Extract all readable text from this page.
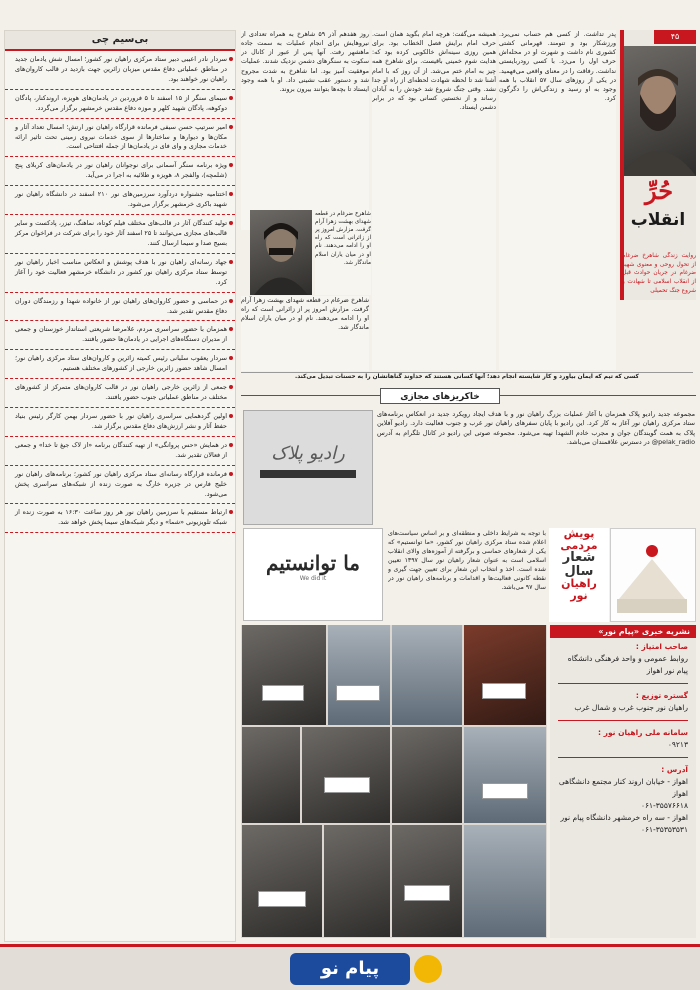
بی‌سیم چی
سردار نادر اعیبی دبیر ستاد مرکزی راهیان نور کشور؛ امسال شش یادمان جدید در مناطق عملیاتی دفاع مقدس میزبان زائرین جهت بازدید در قالب کاروان‌های راهیان نور خواهند بود.
سیمای سنگر از ۱۵ اسفند تا ۵ فروردین در یادمان‌های هویزه، اروندکنار، پادگان دوکوهه، پادگان شهید کلهر و موزه دفاع مقدس خرمشهر برگزار می‌گردد.
امیر سرتیپ حسن سیفی فرمانده قرارگاه راهیان نور ارتش؛ امسال تعداد آثار و مکان‌ها و دیوارها و ساختارها از سوی خدمات نیروی زمینی تحت تاثیر ارائه خدمات مجازی و وای فای در یادمان‌ها از جمله افتتاحی است.
ویژه برنامه سنگر آسمانی برای نوجوانان راهیان نور در یادمان‌های کربلای پنج (شلمچه)، والفجر ۸، هویزه و طلائیه به اجرا در می‌آید.
اختتامیه جشنواره دردآورد سرزمین‌های نور ۲۱۰ اسفند در دانشگاه راهیان نور شهید باکری خرمشهر برگزار می‌شود.
تولید کنندگان آثار در قالب‌های مختلف فیلم کوتاه، نماهنگ، تیزر، پادکست و سایر قالب‌های مجازی می‌توانند تا ۲۵ اسفند آثار خود را برای شرکت در فراخوان مرکز بسیج صدا و سیما ارسال کنند.
جهاد رسانه‌ای راهیان نور با هدف پوشش و انعکاس مناسب اخبار راهیان نور توسط ستاد مرکزی راهیان نور کشور در دانشگاه خرمشهر فعالیت خود را آغاز کرد.
در حماسی و حضور کاروان‌های راهیان نور از خانواده شهدا و رزمندگان دوران دفاع مقدس تقدیر شد.
همزمان با حضور سراسری مردم، غلامرضا شریعتی استاندار خوزستان و جمعی از مدیران دستگاه‌های اجرایی در یادمان‌ها حضور یافتند.
سردار یعقوب سلیانی رئیس کمیته زائرین و کاروان‌های ستاد مرکزی راهیان نور؛ امسال شاهد حضور زائرین خارجی از کشورهای مختلف هستیم.
جمعی از زائرین خارجی راهیان نور در قالب کاروان‌های متمرکز از کشورهای مختلف در مناطق عملیاتی جنوب حضور یافتند.
اولین گردهمایی سراسری راهیان نور با حضور سردار بهمن کارگر رئیس بنیاد حفظ آثار و نشر ارزش‌های دفاع مقدس برگزار شد.
در همایش «حس پروانگی» از تهیه کنندگان برنامه «از لاک جیغ تا خدا» و جمعی از فعالان تقدیر شد.
فرمانده قرارگاه رسانه‌ای ستاد مرکزی راهیان نور کشور؛ برنامه‌های راهیان نور خلیج فارس در جزیره خارگ به صورت زنده از شبکه‌های سراسری پخش می‌شود.
ارتباط مستقیم با سرزمین راهیان نور هر روز ساعت ۱۶:۳۰ به صورت زنده از شبکه تلویزیونی «شما» و دیگر شبکه‌های سیما پخش خواهد شد.
روز هفدهم آذر ۵۹ شاهرخ به همراه تعدادی از نیروهایش برای انجام عملیات به سمت جاده ماهشهر رفت. آنها پس از عبور از کانال در سکوت به سنگرهای دشمن نزدیک شدند. عملیات موفقیت آمیز بود. اما شاهرخ به شدت مجروح شد و دستور عقب نشینی داد. او با همه وجود ایستاد تا بچه‌ها بتوانند بیرون بروند.
شاهرخ ضرغام در قطعه شهدای بهشت زهرا آرام گرفت. مزارش امروز پر از زائرانی است که راه او را ادامه می‌دهند. نام او در میان یاران اسلام ماندگار شد.
شاهرخ ضرغام در قطعه شهدای بهشت زهرا آرام گرفت. مزارش امروز پر از زائرانی است که راه او را ادامه می‌دهند. نام او در میان یاران اسلام ماندگار شد.
همیشه می‌گفت: هرچه امام بگوید همان است. حرف امام برایش فصل الخطاب بود. برای همین روزی سینه‌اش خالکوبی کرده بود که: هدایت شوم خمینی باقیست. برای شاهرخ همه چیز به امام ختم می‌شد. از آن روز که با امام آشنا شد تا لحظه شهادت لحظه‌ای از راه او جدا نشد. وقتی جنگ شروع شد خودش را به آبادان رساند و از نخستین کسانی بود که در برابر دشمن ایستاد.
پدر تداشت. از کسی هم حساب نمی‌برد. ورزشکار بود و تنومند. قهرمانی کشتی کشوری نام داشت و شهرت او در محله‌اش حرف اول را می‌زد. با کسی رودربایستی نداشت. رفاقت را در معنای واقعی می‌فهمید. در یکی از روزهای سال ۵۷ انقلاب با همه وجود به او رسید و زندگی‌اش را دگرگون کرد.
۴۵
حُرِّ
انقلاب
روایت زندگی شاهرخ ضرغام از تحول روحی و معنوی شهید ضرغام در جریان حوادث قبل از انقلاب اسلامی تا شهادت و شروع جنگ تحمیلی
کسی که تیم که ایمان بیاورد و کار شایسته انجام دهد؛ آنها کسانی هستند که خداوند گناهانشان را به حسنات تبدیل می‌کند.
خاکریزهای مجازی
رادیو پلاک
مجموعه جدید رادیو پلاک همزمان با آغاز عملیات بزرگ راهیان نور و با هدف ایجاد رویکرد جدید در انعکاس برنامه‌های ستاد مرکزی راهیان نور آغاز به کار کرد. این رادیو با پایان سفرهای راهیان نور غرب و جنوب فعالیت دارد. رادیو آفلاین پلاک به همت گویندگان جوان و مجرب خادم الشهدا تهیه می‌شود. مجموعه صوتی این رادیو در کانال تلگرام به آدرس pelak_radio@ در دسترس علاقمندان می‌باشد.
با توجه به شرایط داخلی و منطقه‌ای و بر اساس سیاست‌های اعلام شده ستاد مرکزی راهیان نور کشور، «ما توانستیم» که یکی از شعارهای حماسی و برگرفته از آموزه‌های والای انقلاب اسلامی است به عنوان شعار راهیان نور سال ۱۳۹۷ تعیین شده است. اخذ و انتخاب این شعار برای تعیین جهت گیری و نقطه کانونی فعالیت‌ها و اقدامات و برنامه‌های راهیان نور در سال ۹۷ می‌باشد.
ما توانستیم
We did it
پویش
مردمی
شعار
سال
راهیان
نور
نشریه خبری «پیام نور»
صاحب امتیاز :
روابط عمومی و واحد فرهنگی دانشگاه پیام نور اهواز
گستره توزیع :
راهیان نور جنوب غرب و شمال غرب
سامانه ملی راهیان نور :
۰۹۲۱۳
آدرس :
اهواز - خیابان اروند کنار مجتمع دانشگاهی اهواز
۰۶۱-۳۵۵۷۶۶۱۸
اهواز - سه راه خرمشهر دانشگاه پیام نور
۰۶۱-۳۵۳۵۳۵۳۱
پیام نو
